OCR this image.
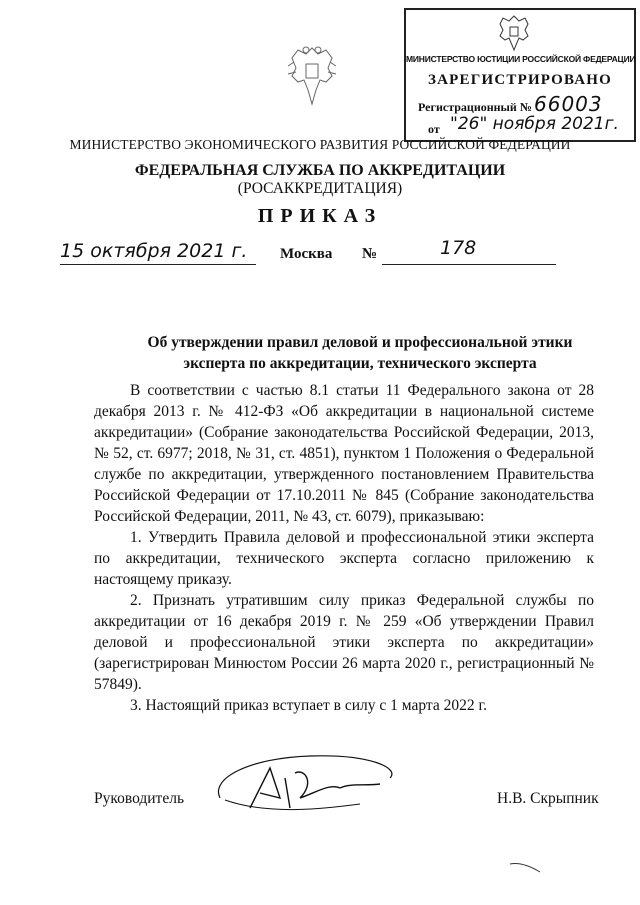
МИНИСТЕРСТВО ЮСТИЦИИ РОССИЙСКОЙ ФЕДЕРАЦИИ
ЗАРЕГИСТРИРОВАНО
Регистрационный № 66003
от "26" ноября 2021г.
МИНИСТЕРСТВО ЭКОНОМИЧЕСКОГО РАЗВИТИЯ РОССИЙСКОЙ ФЕДЕРАЦИИ
ФЕДЕРАЛЬНАЯ СЛУЖБА ПО АККРЕДИТАЦИИ
(РОСАККРЕДИТАЦИЯ)
ПРИКАЗ
15 октября 2021 г. Москва №	178
Об утверждении правил деловой и профессиональной этики
эксперта по аккредитации, технического эксперта

В соответствии с частью 8.1 статьи 11 Федерального закона от 28 декабря 2013 г. № 412-ФЗ «Об аккредитации в национальной системе аккредитации» (Собрание законодательства Российской Федерации, 2013, № 52, ст. 6977; 2018, № 31, ст. 4851), пунктом 1 Положения о Федеральной службе по аккредитации, утвержденного постановлением Правительства Российской Федерации от 17.10.2011 № 845 (Собрание законодательства Российской Федерации, 2011, № 43, ст. 6079), приказываю:

1. Утвердить Правила деловой и профессиональной этики эксперта по аккредитации, технического эксперта согласно приложению к настоящему приказу.

2. Признать утратившим силу приказ Федеральной службы по аккредитации от 16 декабря 2019 г. № 259 «Об утверждении Правил деловой и профессиональной этики эксперта по аккредитации» (зарегистрирован Минюстом России 26 марта 2020 г., регистрационный № 57849).

3. Настоящий приказ вступает в силу с 1 марта 2022 г.

Руководитель	Н.В. Скрыпник
